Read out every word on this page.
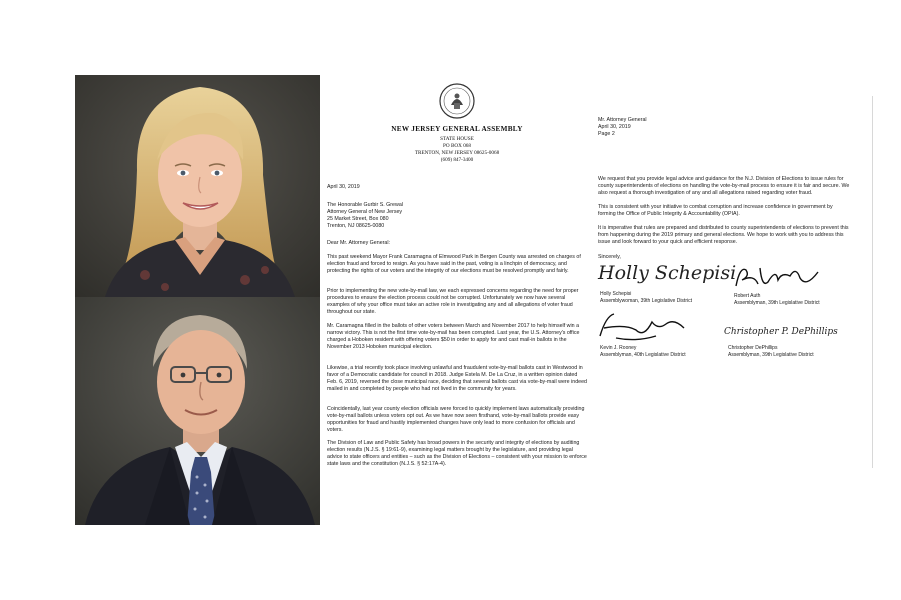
NEW JERSEY GENERAL ASSEMBLY
STATE HOUSE
PO BOX 068
TRENTON, NEW JERSEY 08625-0068
(609) 847-3400
April 30, 2019
The Honorable Gurbir S. Grewal
Attorney General of New Jersey
25 Market Street, Box 080
Trenton, NJ 08625-0080
Dear Mr. Attorney General:
This past weekend Mayor Frank Caramagna of Elmwood Park in Bergen County was arrested on charges of election fraud and forced to resign. As you have said in the past, voting is a linchpin of democracy, and protecting the rights of our voters and the integrity of our elections must be resolved promptly and fairly.
Prior to implementing the new vote-by-mail law, we each expressed concerns regarding the need for proper procedures to ensure the election process could not be corrupted. Unfortunately we now have several examples of why your office must take an active role in investigating any and all allegations of voter fraud throughout our state.
Mr. Caramagna filled in the ballots of other voters between March and November 2017 to help himself win a narrow victory. This is not the first time vote-by-mail has been corrupted. Last year, the U.S. Attorney's office charged a Hoboken resident with offering voters $50 in order to apply for and cast mail-in ballots in the November 2013 Hoboken municipal election.
Likewise, a trial recently took place involving unlawful and fraudulent vote-by-mail ballots cast in Westwood in favor of a Democratic candidate for council in 2018. Judge Estela M. De La Cruz, in a written opinion dated Feb. 6, 2019, reversed the close municipal race, deciding that several ballots cast via vote-by-mail were indeed mailed in and completed by people who had not lived in the community for years.
Coincidentally, last year county election officials were forced to quickly implement laws automatically providing vote-by-mail ballots unless voters opt out. As we have now seen firsthand, vote-by-mail ballots provide easy opportunities for fraud and hastily implemented changes have only lead to more confusion for officials and voters.
The Division of Law and Public Safety has broad powers in the security and integrity of elections by auditing election results (N.J.S. § 19:61-9), examining legal matters brought by the legislature, and providing legal advice to state officers and entities – such as the Division of Elections – consistent with your mission to enforce state laws and the constitution (N.J.S. § 52:17A-4).
Mr. Attorney General
April 30, 2019
Page 2
We request that you provide legal advice and guidance for the N.J. Division of Elections to issue rules for county superintendents of elections on handling the vote-by-mail process to ensure it is fair and secure. We also request a thorough investigation of any and all allegations raised regarding voter fraud.
This is consistent with your initiative to combat corruption and increase confidence in government by forming the Office of Public Integrity & Accountability (OPIA).
It is imperative that rules are prepared and distributed to county superintendents of elections to prevent this from happening during the 2019 primary and general elections. We hope to work with you to address this issue and look forward to your quick and efficient response.
Sincerely,
Holly Schepisi
Holly Schepisi
Assemblywoman, 39th Legislative District
Robert Auth
Assemblyman, 39th Legislative District
Kevin J. Rooney
Assemblyman, 40th Legislative District
Christopher P. DePhillips
Christopher DePhillips
Assemblyman, 39th Legislative District
